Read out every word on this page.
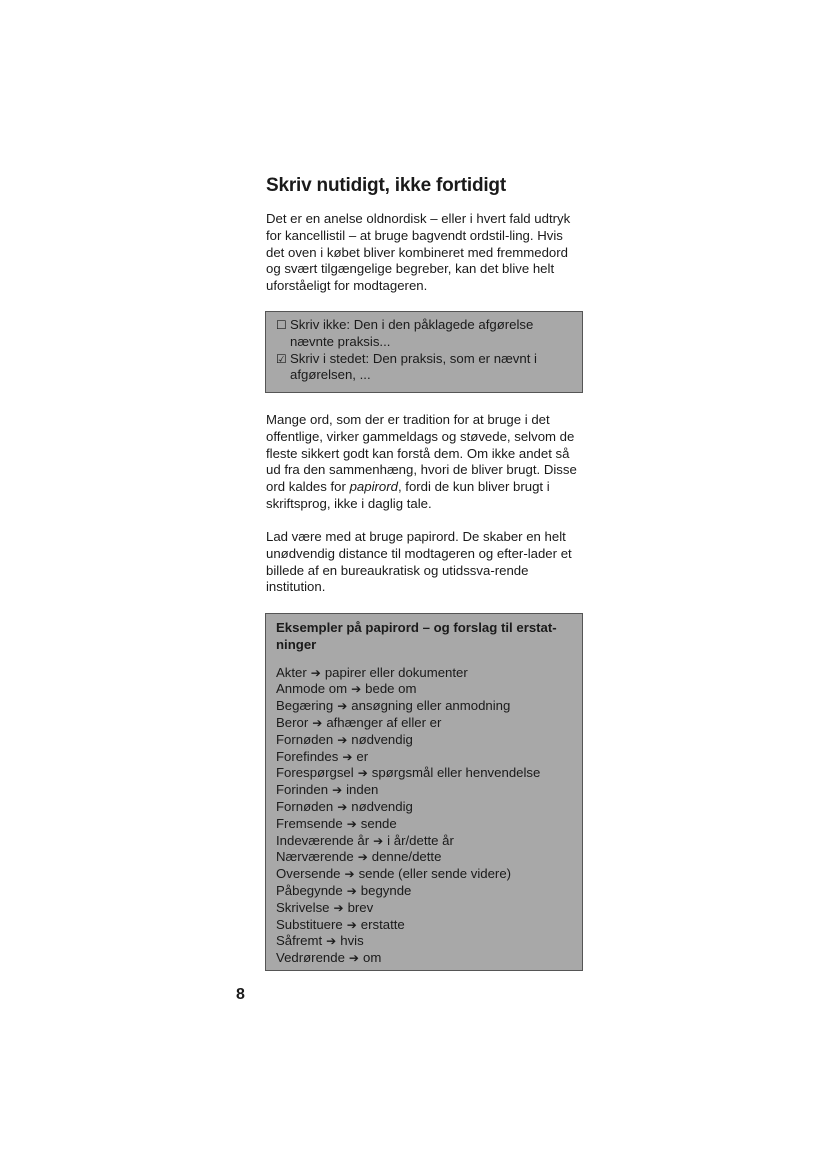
Skriv nutidigt, ikke fortidigt

Det er en anelse oldnordisk – eller i hvert fald udtryk for kancellistil – at bruge bagvendt ordstil-ling. Hvis det oven i købet bliver kombineret med fremmedord og svært tilgængelige begreber, kan det blive helt uforståeligt for modtageren.

☐ Skriv ikke: Den i den påklagede afgørelse nævnte praksis...
☑ Skriv i stedet: Den praksis, som er nævnt i afgørelsen, ...

Mange ord, som der er tradition for at bruge i det offentlige, virker gammeldags og støvede, selvom de fleste sikkert godt kan forstå dem. Om ikke andet så ud fra den sammenhæng, hvori de bliver brugt. Disse ord kaldes for papirord, fordi de kun bliver brugt i skriftsprog, ikke i daglig tale.

Lad være med at bruge papirord. De skaber en helt unødvendig distance til modtageren og efter-lader et billede af en bureaukratisk og utidssva-rende institution.

Eksempler på papirord – og forslag til erstat-ninger

Akter ➔ papirer eller dokumenter
Anmode om ➔ bede om
Begæring ➔ ansøgning eller anmodning
Beror ➔ afhænger af eller er
Fornøden ➔ nødvendig
Forefindes ➔ er
Forespørgsel ➔ spørgsmål eller henvendelse
Forinden ➔ inden
Fornøden ➔ nødvendig
Fremsende ➔ sende
Indeværende år ➔ i år/dette år
Nærværende ➔ denne/dette
Oversende ➔ sende (eller sende videre)
Påbegynde ➔ begynde
Skrivelse ➔ brev
Substituere ➔ erstatte
Såfremt ➔ hvis
Vedrørende ➔ om
8
